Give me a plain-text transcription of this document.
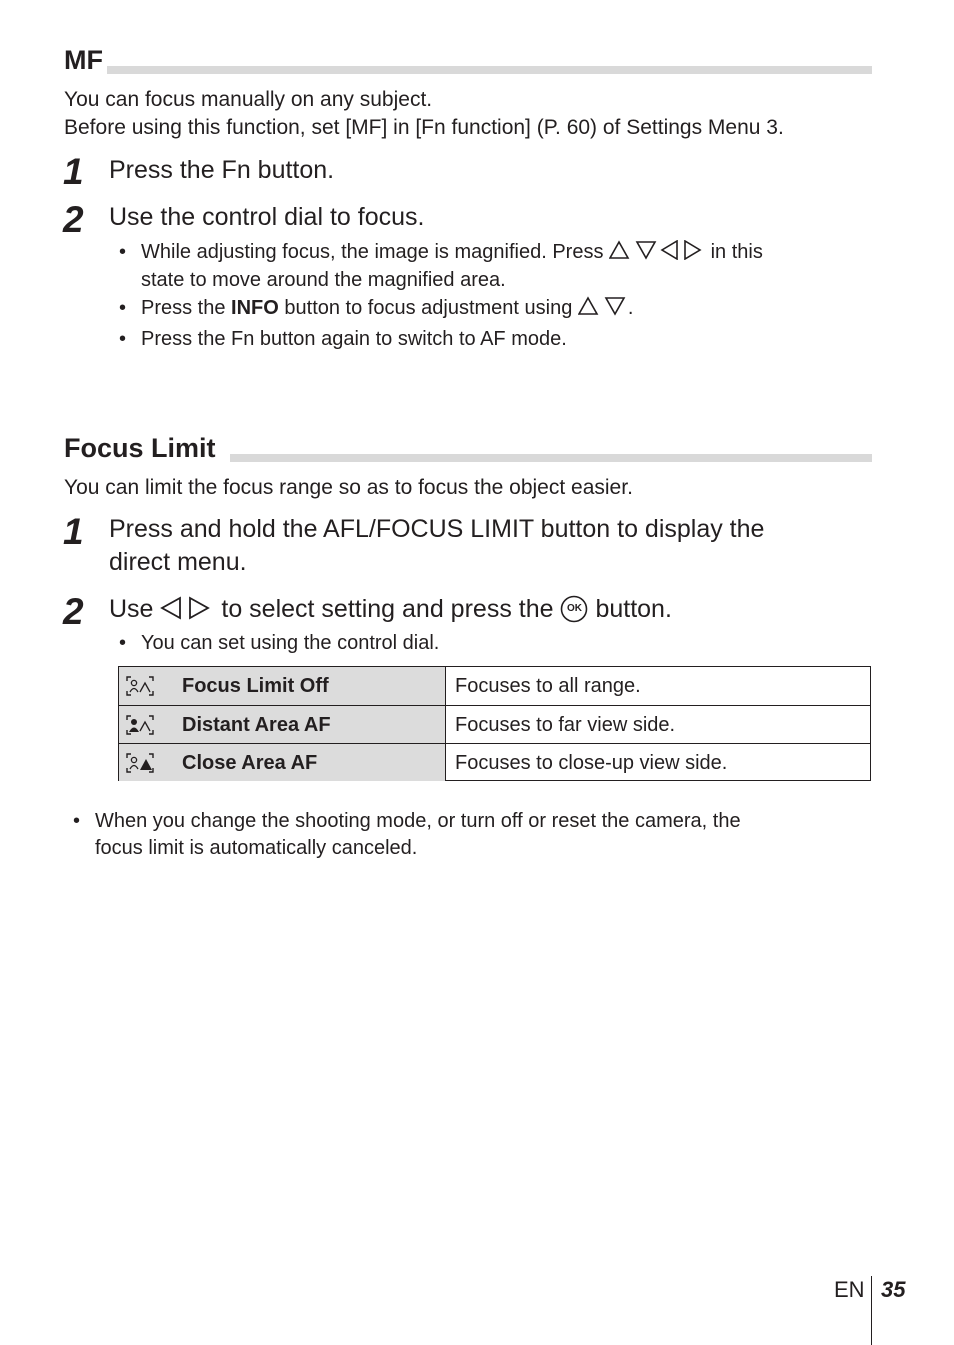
MF
You can focus manually on any subject.
Before using this function, set [MF] in [Fn function] (P. 60) of Settings Menu 3.
1 Press the Fn button.
2 Use the control dial to focus.
• While adjusting focus, the image is magnified. Press	in this
state to move around the magnified area.
• Press the INFO button to focus adjustment using	.
• Press the Fn button again to switch to AF mode.
Focus Limit
You can limit the focus range so as to focus the object easier.
1 Press and hold the AFL/FOCUS LIMIT button to display the
direct menu.
2 Use	to select setting and press the	OK button.
• You can set using the control dial.
Focus Limit Off	Focuses to all range.
Distant Area AF	Focuses to far view side.
Close Area AF	Focuses to close-up view side.
• When you change the shooting mode, or turn off or reset the camera, the
focus limit is automatically canceled.
EN 35
